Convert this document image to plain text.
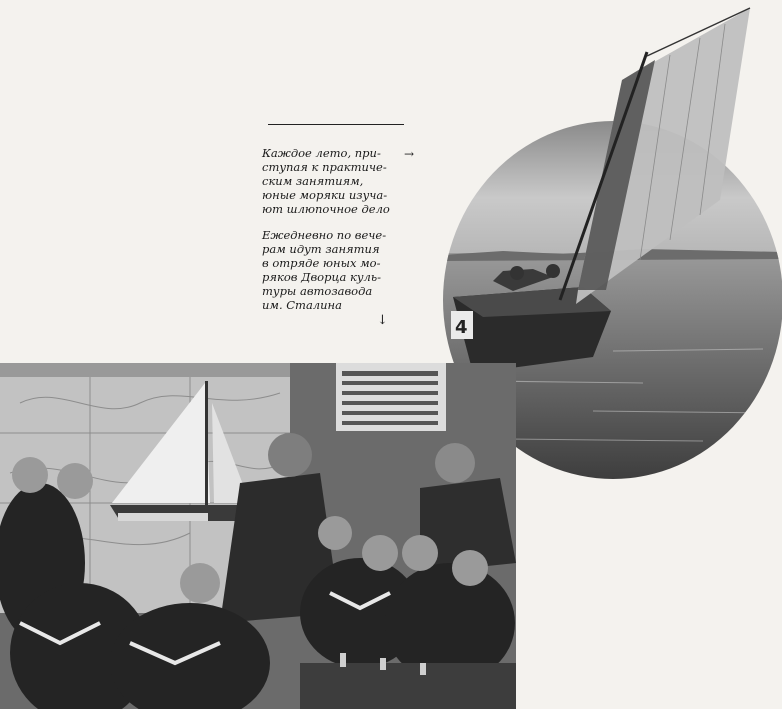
Каждое лето, при-
ступая к практиче-
ским занятиям,
юные моряки изуча-
ют шлюпочное дело

→

Ежедневно по вече-
рам идут занятия
в отряде юных мо-
ряков Дворца куль-
туры автозавода
им. Сталина

↓	4
